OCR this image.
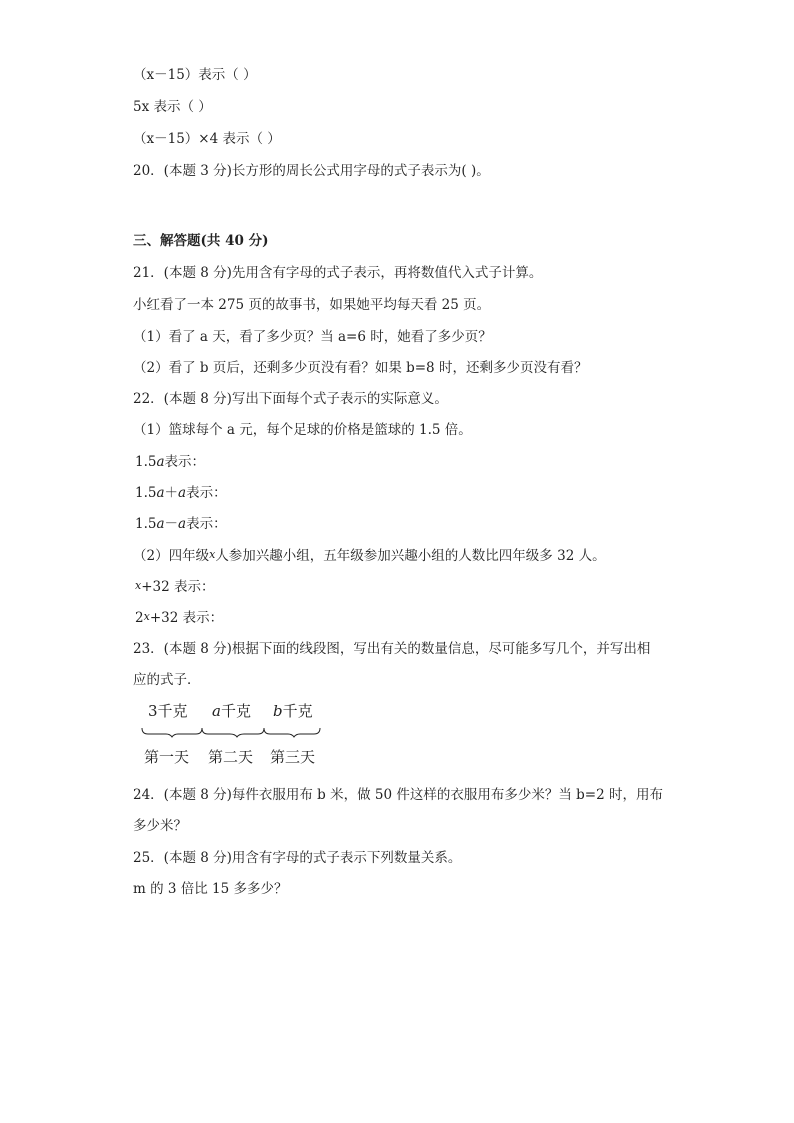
（x－15）表示（ ）
5x 表示（ ）
（x－15）×4 表示（ ）
20．(本题 3 分)长方形的周长公式用字母的式子表示为( )。
三、解答题(共 40 分)
21．(本题 8 分)先用含有字母的式子表示，再将数值代入式子计算。
小红看了一本 275 页的故事书，如果她平均每天看 25 页。
（1）看了 a 天，看了多少页？当 a=6 时，她看了多少页？
（2）看了 b 页后，还剩多少页没有看？如果 b=8 时，还剩多少页没有看？
22．(本题 8 分)写出下面每个式子表示的实际意义。
（1）篮球每个 a 元，每个足球的价格是篮球的 1.5 倍。
1.5a表示：
1.5a＋a表示：
1.5a－a表示：
（2）四年级x人参加兴趣小组，五年级参加兴趣小组的人数比四年级多 32 人。
x+32 表示：
2x+32 表示：
23．(本题 8 分)根据下面的线段图，写出有关的数量信息，尽可能多写几个，并写出相
应的式子．
3千克 a千克 b千克
第一天 第二天 第三天
24．(本题 8 分)每件衣服用布 b 米，做 50 件这样的衣服用布多少米？当 b=2 时，用布
多少米？
25．(本题 8 分)用含有字母的式子表示下列数量关系。
m 的 3 倍比 15 多多少？
